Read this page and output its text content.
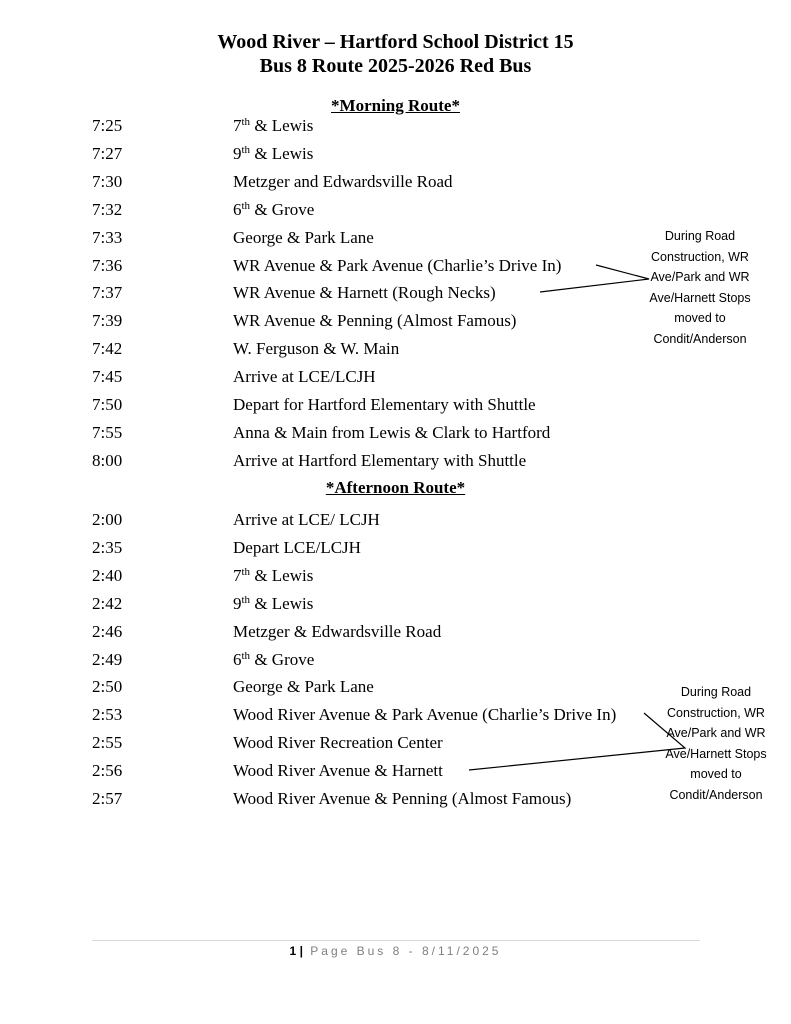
Wood River – Hartford School District 15
Bus 8 Route 2025-2026 Red Bus
*Morning Route*
7:25	7th & Lewis
7:27	9th & Lewis
7:30	Metzger and Edwardsville Road
7:32	6th & Grove
7:33	George & Park Lane
7:36	WR Avenue & Park Avenue (Charlie’s Drive In)
7:37	WR Avenue & Harnett (Rough Necks)
7:39	WR Avenue & Penning (Almost Famous)
7:42	W. Ferguson & W. Main
7:45	Arrive at LCE/LCJH
7:50	Depart for Hartford Elementary with Shuttle
7:55	Anna & Main from Lewis & Clark to Hartford
8:00	Arrive at Hartford Elementary with Shuttle
*Afternoon Route*
2:00	Arrive at LCE/ LCJH
2:35	Depart LCE/LCJH
2:40	7th & Lewis
2:42	9th & Lewis
2:46	Metzger & Edwardsville Road
2:49	6th & Grove
2:50	George & Park Lane
2:53	Wood River Avenue & Park Avenue (Charlie’s Drive In)
2:55	Wood River Recreation Center
2:56	Wood River Avenue & Harnett
2:57	Wood River Avenue & Penning (Almost Famous)
During Road
Construction, WR
Ave/Park and WR
Ave/Harnett Stops
moved to
Condit/Anderson
During Road
Construction, WR
Ave/Park and WR
Ave/Harnett Stops
moved to
Condit/Anderson
1 | Page Bus 8 - 8/11/2025
